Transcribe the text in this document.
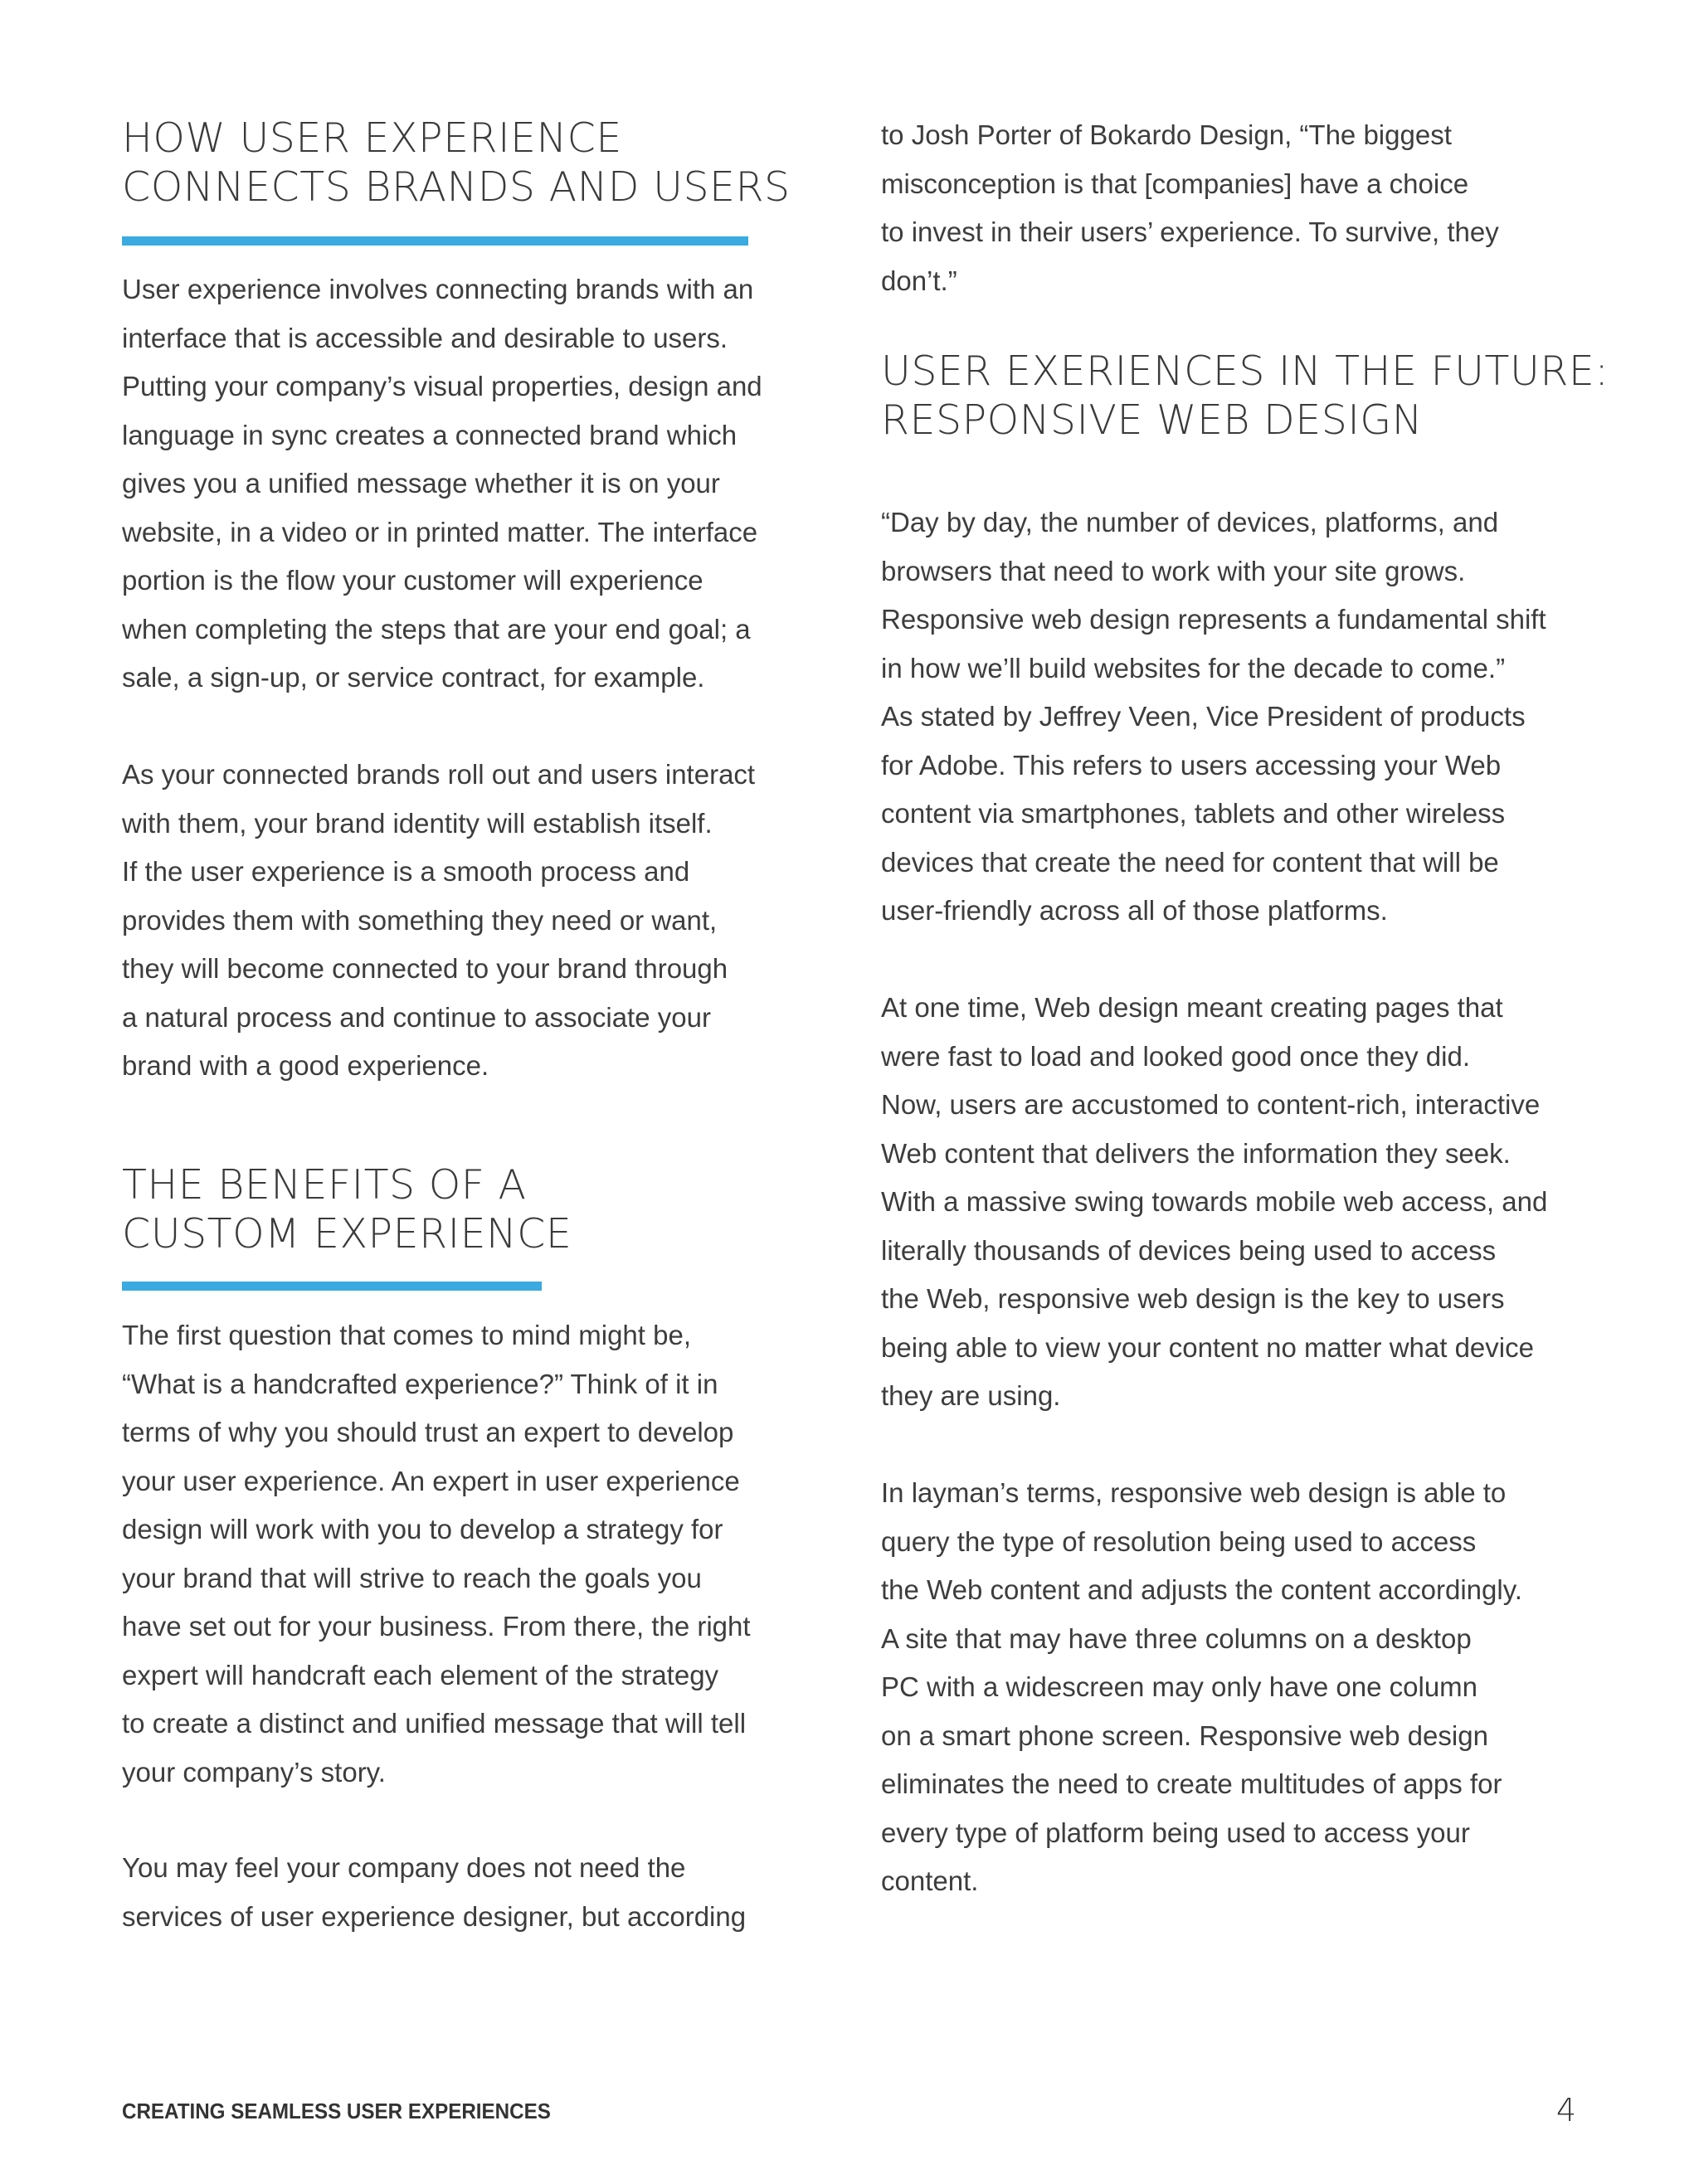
HOW USER EXPERIENCE
CONNECTS BRANDS AND USERS

User experience involves connecting brands with an
interface that is accessible and desirable to users.
Putting your company’s visual properties, design and
language in sync creates a connected brand which
gives you a unified message whether it is on your
website, in a video or in printed matter. The interface
portion is the flow your customer will experience
when completing the steps that are your end goal; a
sale, a sign-up, or service contract, for example.

As your connected brands roll out and users interact
with them, your brand identity will establish itself.
If the user experience is a smooth process and
provides them with something they need or want,
they will become connected to your brand through
a natural process and continue to associate your
brand with a good experience.

THE BENEFITS OF A
CUSTOM EXPERIENCE

The first question that comes to mind might be,
“What is a handcrafted experience?” Think of it in
terms of why you should trust an expert to develop
your user experience. An expert in user experience
design will work with you to develop a strategy for
your brand that will strive to reach the goals you
have set out for your business. From there, the right
expert will handcraft each element of the strategy
to create a distinct and unified message that will tell
your company’s story.

You may feel your company does not need the
services of user experience designer, but according

to Josh Porter of Bokardo Design, “The biggest
misconception is that [companies] have a choice
to invest in their users’ experience. To survive, they
don’t.”

USER EXERIENCES IN THE FUTURE:
RESPONSIVE WEB DESIGN

“Day by day, the number of devices, platforms, and
browsers that need to work with your site grows.
Responsive web design represents a fundamental shift
in how we’ll build websites for the decade to come.”
As stated by Jeffrey Veen, Vice President of products
for Adobe. This refers to users accessing your Web
content via smartphones, tablets and other wireless
devices that create the need for content that will be
user-friendly across all of those platforms.

At one time, Web design meant creating pages that
were fast to load and looked good once they did.
Now, users are accustomed to content-rich, interactive
Web content that delivers the information they seek.
With a massive swing towards mobile web access, and
literally thousands of devices being used to access
the Web, responsive web design is the key to users
being able to view your content no matter what device
they are using.

In layman’s terms, responsive web design is able to
query the type of resolution being used to access
the Web content and adjusts the content accordingly.
A site that may have three columns on a desktop
PC with a widescreen may only have one column
on a smart phone screen. Responsive web design
eliminates the need to create multitudes of apps for
every type of platform being used to access your
content.

CREATING SEAMLESS USER EXPERIENCES	4
